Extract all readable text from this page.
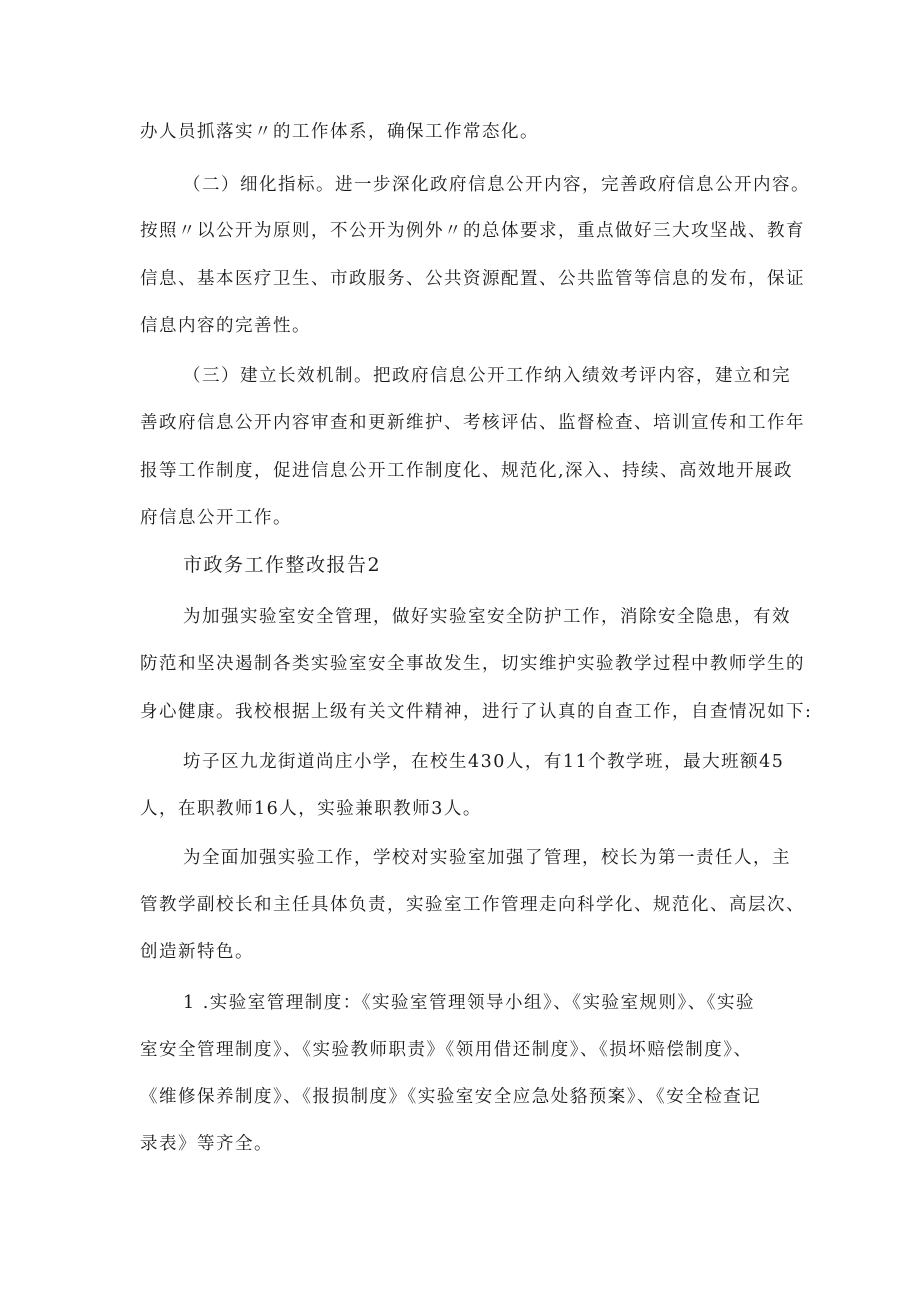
办人员抓落实〃的工作体系，确保工作常态化。
（二）细化指标。进一步深化政府信息公开内容，完善政府信息公开内容。
按照〃以公开为原则，不公开为例外〃的总体要求，重点做好三大攻坚战、教育
信息、基本医疗卫生、市政服务、公共资源配置、公共监管等信息的发布，保证
信息内容的完善性。
（三）建立长效机制。把政府信息公开工作纳入绩效考评内容，建立和完
善政府信息公开内容审查和更新维护、考核评估、监督检查、培训宣传和工作年
报等工作制度，促进信息公开工作制度化、规范化,深入、持续、高效地开展政
府信息公开工作。
市政务工作整改报告2
为加强实验室安全管理，做好实验室安全防护工作，消除安全隐患，有效
防范和坚决遏制各类实验室安全事故发生，切实维护实验教学过程中教师学生的
身心健康。我校根据上级有关文件精神，进行了认真的自查工作，自查情况如下:
坊子区九龙街道尚庄小学，在校生430人，有11个教学班，最大班额45
人，在职教师16人，实验兼职教师3人。
为全面加强实验工作，学校对实验室加强了管理，校长为第一责任人，主
管教学副校长和主任具体负责，实验室工作管理走向科学化、规范化、高层次、
创造新特色。
1 .实验室管理制度：《实验室管理领导小组》、《实验室规则》、《实验
室安全管理制度》、《实验教师职责》《领用借还制度》、《损坏赔偿制度》、
《维修保养制度》、《报损制度》《实验室安全应急处貉预案》、《安全检查记
录表》等齐全。
